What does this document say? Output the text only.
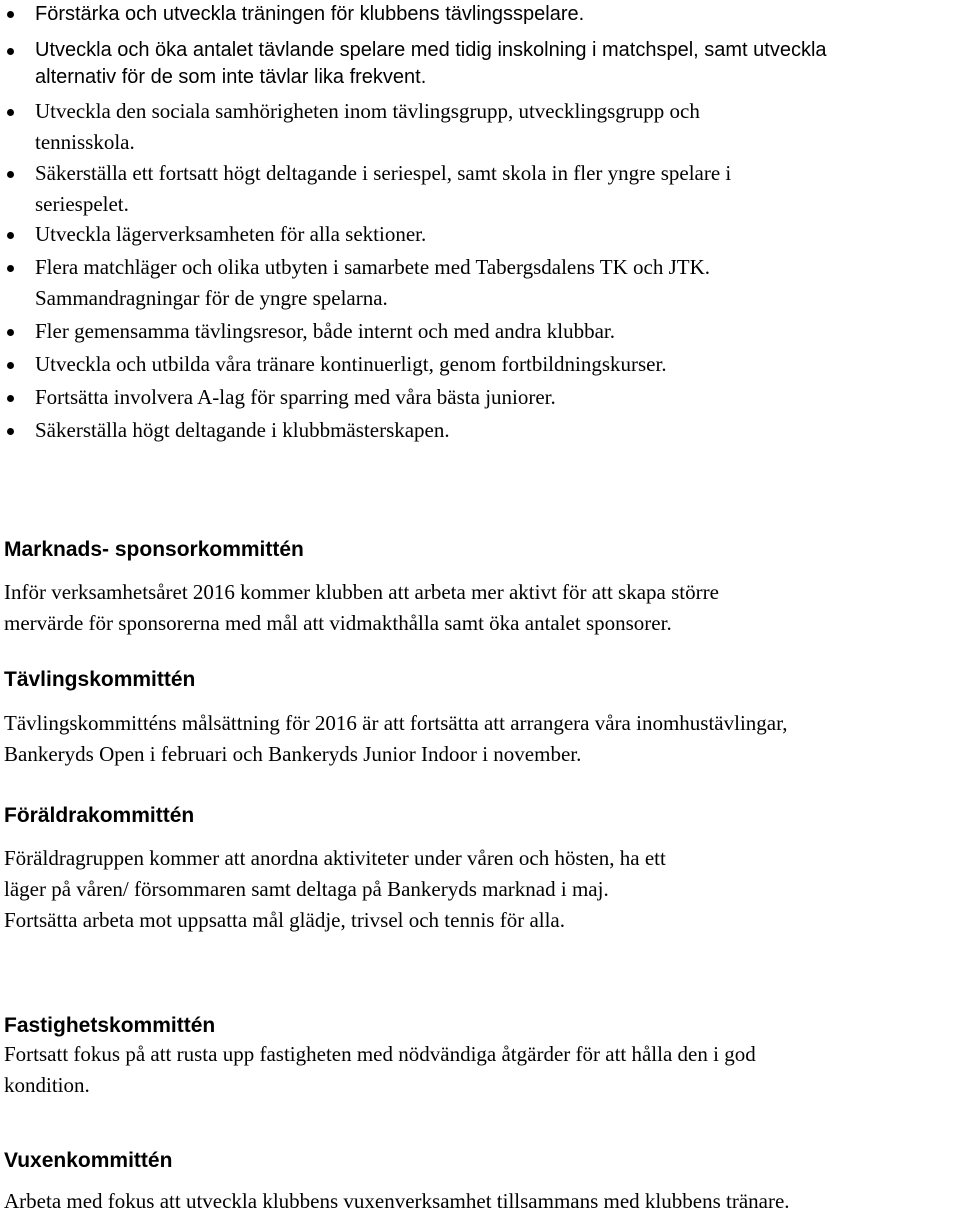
Förstärka och utveckla träningen för klubbens tävlingsspelare.
Utveckla och öka antalet tävlande spelare med tidig inskolning i matchspel, samt utveckla
alternativ för de som inte tävlar lika frekvent.
Utveckla den sociala samhörigheten inom tävlingsgrupp, utvecklingsgrupp och
tennisskola.
Säkerställa ett fortsatt högt deltagande i seriespel, samt skola in fler yngre spelare i
seriespelet.
Utveckla lägerverksamheten för alla sektioner.
Flera matchläger och olika utbyten i samarbete med Tabergsdalens TK och JTK.
Sammandragningar för de yngre spelarna.
Fler gemensamma tävlingsresor, både internt och med andra klubbar.
Utveckla och utbilda våra tränare kontinuerligt, genom fortbildningskurser.
Fortsätta involvera A-lag för sparring med våra bästa juniorer.
Säkerställa högt deltagande i klubbmästerskapen.
Marknads- sponsorkommittén

Inför verksamhetsåret 2016 kommer klubben att arbeta mer aktivt för att skapa större
mervärde för sponsorerna med mål att vidmakthålla samt öka antalet sponsorer.

Tävlingskommittén

Tävlingskommitténs målsättning för 2016 är att fortsätta att arrangera våra inomhustävlingar,
Bankeryds Open i februari och Bankeryds Junior Indoor i november.

Föräldrakommittén

Föräldragruppen kommer att anordna aktiviteter under våren och hösten, ha ett
läger på våren/ försommaren samt deltaga på Bankeryds marknad i maj.
Fortsätta arbeta mot uppsatta mål glädje, trivsel och tennis för alla.

Fastighetskommittén

Fortsatt fokus på att rusta upp fastigheten med nödvändiga åtgärder för att hålla den i god
kondition.

Vuxenkommittén

Arbeta med fokus att utveckla klubbens vuxenverksamhet tillsammans med klubbens tränare.
